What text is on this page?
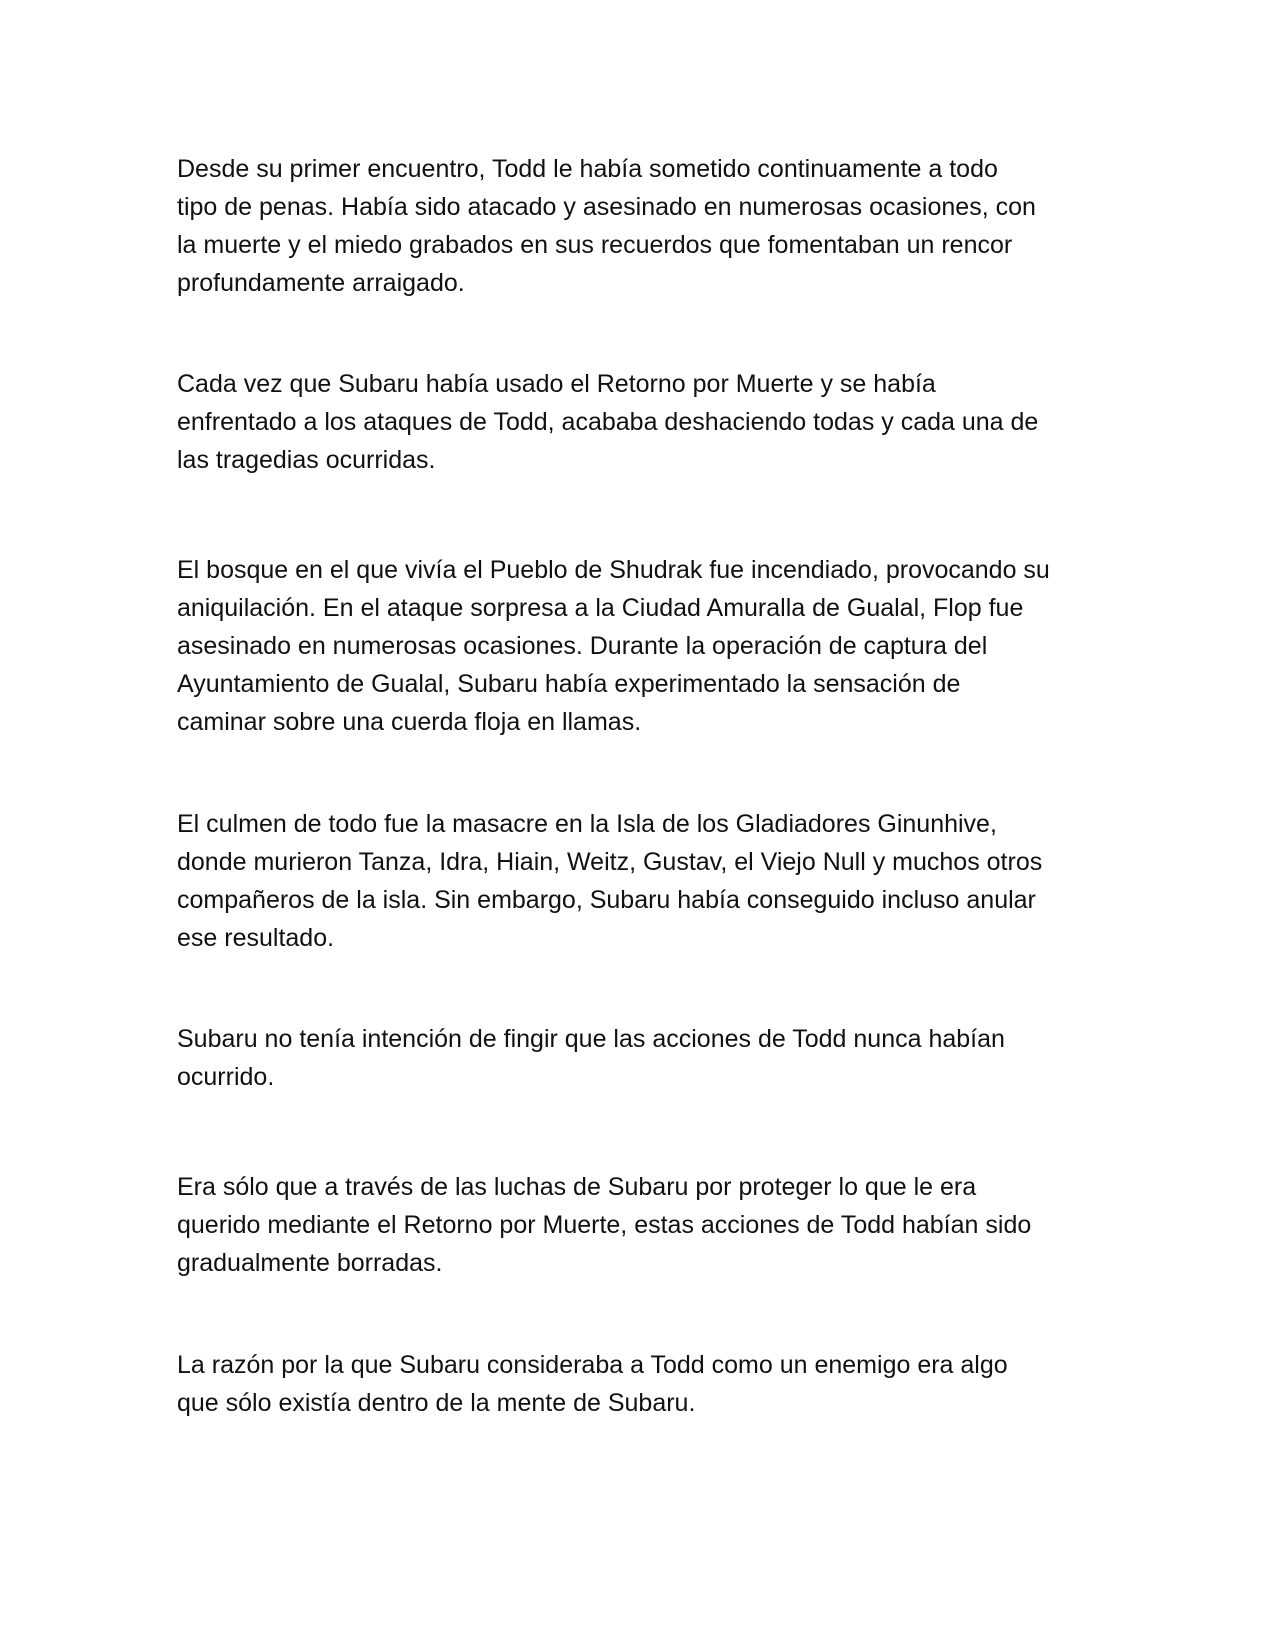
Desde su primer encuentro, Todd le había sometido continuamente a todo
tipo de penas. Había sido atacado y asesinado en numerosas ocasiones, con
la muerte y el miedo grabados en sus recuerdos que fomentaban un rencor
profundamente arraigado.

Cada vez que Subaru había usado el Retorno por Muerte y se había
enfrentado a los ataques de Todd, acababa deshaciendo todas y cada una de
las tragedias ocurridas.

El bosque en el que vivía el Pueblo de Shudrak fue incendiado, provocando su
aniquilación. En el ataque sorpresa a la Ciudad Amuralla de Gualal, Flop fue
asesinado en numerosas ocasiones. Durante la operación de captura del
Ayuntamiento de Gualal, Subaru había experimentado la sensación de
caminar sobre una cuerda floja en llamas.

El culmen de todo fue la masacre en la Isla de los Gladiadores Ginunhive,
donde murieron Tanza, Idra, Hiain, Weitz, Gustav, el Viejo Null y muchos otros
compañeros de la isla. Sin embargo, Subaru había conseguido incluso anular
ese resultado.

Subaru no tenía intención de fingir que las acciones de Todd nunca habían
ocurrido.

Era sólo que a través de las luchas de Subaru por proteger lo que le era
querido mediante el Retorno por Muerte, estas acciones de Todd habían sido
gradualmente borradas.

La razón por la que Subaru consideraba a Todd como un enemigo era algo
que sólo existía dentro de la mente de Subaru.
